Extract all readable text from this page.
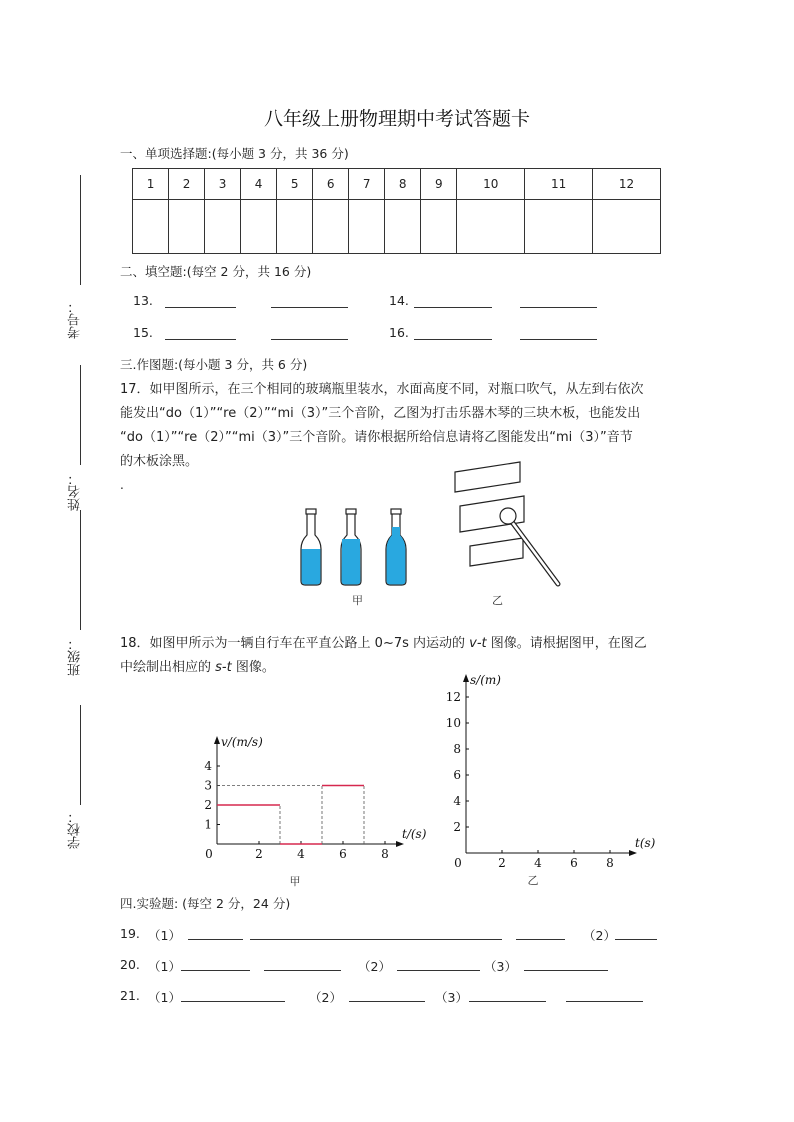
八年级上册物理期中考试答题卡
考号：
姓名：
班级：
学校：
一、单项选择题:(每小题 3 分，共 36 分)
1	2	3	4	5	6	7	8	9	10	11	12

二、填空题:(每空 2 分，共 16 分)
13.	14.
15.	16.
三.作图题:(每小题 3 分，共 6 分)
17．如甲图所示，在三个相同的玻璃瓶里装水，水面高度不同，对瓶口吹气，从左到右依次
能发出“do（1）”“re（2）”“mi（3）”三个音阶，乙图为打击乐器木琴的三块木板，也能发出
“do（1）”“re（2）”“mi（3）”三个音阶。请你根据所给信息请将乙图能发出“mi（3）”音节
的木板涂黑。
.
甲	乙
18．如图甲所示为一辆自行车在平直公路上 0~7s 内运动的 v-t 图像。请根据图甲，在图乙
中绘制出相应的 s-t 图像。
0	2	4	6	8
1
2
3
4
t/(s)
v/(m/s)
甲
0	2 4 6 8
2
4
6
8
10
12
t(s)
s/(m)
乙
四.实验题: (每空 2 分，24 分)
19. （1）	（2）
20. （1）	（2）	（3）
21. （1）	（2）	（3）
